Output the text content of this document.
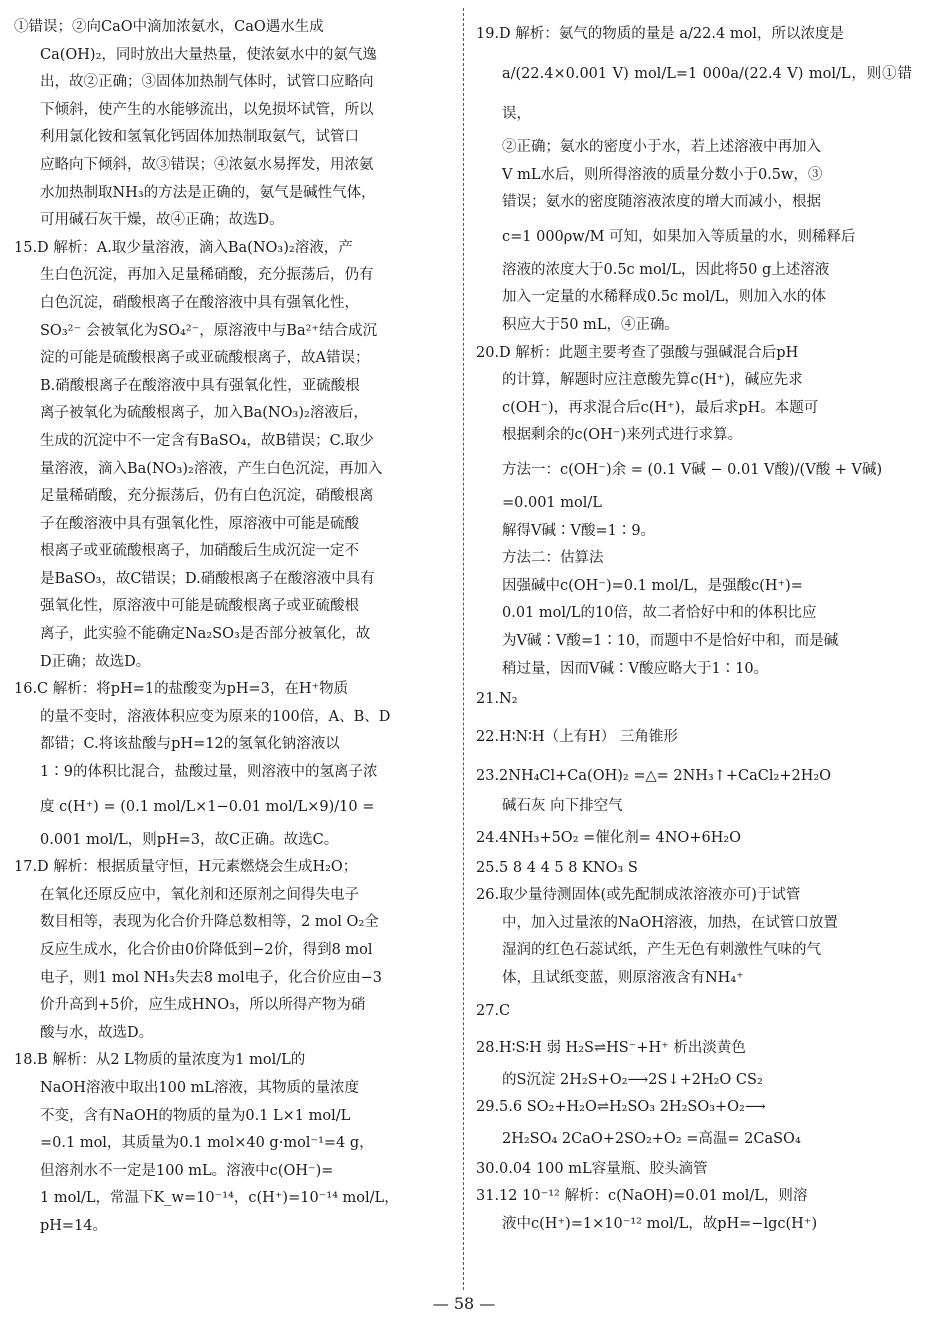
①错误；②向CaO中滴加浓氨水，CaO遇水生成

Ca(OH)₂，同时放出大量热量，使浓氨水中的氨气逸

出，故②正确；③固体加热制气体时，试管口应略向

下倾斜，使产生的水能够流出，以免损坏试管，所以

利用氯化铵和氢氧化钙固体加热制取氨气，试管口

应略向下倾斜，故③错误；④浓氨水易挥发，用浓氨

水加热制取NH₃的方法是正确的，氨气是碱性气体，

可用碱石灰干燥，故④正确；故选D。

15.D 解析：A.取少量溶液，滴入Ba(NO₃)₂溶液，产

生白色沉淀，再加入足量稀硝酸，充分振荡后，仍有

白色沉淀，硝酸根离子在酸溶液中具有强氧化性，

SO₃²⁻ 会被氧化为SO₄²⁻，原溶液中与Ba²⁺结合成沉

淀的可能是硫酸根离子或亚硫酸根离子，故A错误；

B.硝酸根离子在酸溶液中具有强氧化性，亚硫酸根

离子被氧化为硫酸根离子，加入Ba(NO₃)₂溶液后，

生成的沉淀中不一定含有BaSO₄，故B错误；C.取少

量溶液，滴入Ba(NO₃)₂溶液，产生白色沉淀，再加入

足量稀硝酸，充分振荡后，仍有白色沉淀，硝酸根离

子在酸溶液中具有强氧化性，原溶液中可能是硫酸

根离子或亚硫酸根离子，加硝酸后生成沉淀一定不

是BaSO₃，故C错误；D.硝酸根离子在酸溶液中具有

强氧化性，原溶液中可能是硫酸根离子或亚硫酸根

离子，此实验不能确定Na₂SO₃是否部分被氧化，故

D正确；故选D。

16.C 解析：将pH=1的盐酸变为pH=3，在H⁺物质

的量不变时，溶液体积应变为原来的100倍，A、B、D

都错；C.将该盐酸与pH=12的氢氧化钠溶液以

1∶9的体积比混合，盐酸过量，则溶液中的氢离子浓

度 c(H⁺) = (0.1 mol/L×1−0.01 mol/L×9)/10 =

0.001 mol/L，则pH=3，故C正确。故选C。

17.D 解析：根据质量守恒，H元素燃烧会生成H₂O；

在氧化还原反应中，氧化剂和还原剂之间得失电子

数目相等，表现为化合价升降总数相等，2 mol O₂全

反应生成水，化合价由0价降低到−2价，得到8 mol

电子，则1 mol NH₃失去8 mol电子，化合价应由−3

价升高到+5价，应生成HNO₃，所以所得产物为硝

酸与水，故选D。

18.B 解析：从2 L物质的量浓度为1 mol/L的

NaOH溶液中取出100 mL溶液，其物质的量浓度

不变，含有NaOH的物质的量为0.1 L×1 mol/L

=0.1 mol，其质量为0.1 mol×40 g·mol⁻¹=4 g，

但溶剂水不一定是100 mL。溶液中c(OH⁻)=

1 mol/L，常温下K_w=10⁻¹⁴，c(H⁺)=10⁻¹⁴ mol/L，

pH=14。

19.D 解析：氨气的物质的量是 a/22.4 mol，所以浓度是

a/(22.4×0.001 V) mol/L=1 000a/(22.4 V) mol/L，则①错误，

②正确；氨水的密度小于水，若上述溶液中再加入

V mL水后，则所得溶液的质量分数小于0.5w，③

错误；氨水的密度随溶液浓度的增大而减小，根据

c=1 000ρw/M 可知，如果加入等质量的水，则稀释后

溶液的浓度大于0.5c mol/L，因此将50 g上述溶液

加入一定量的水稀释成0.5c mol/L，则加入水的体

积应大于50 mL，④正确。

20.D 解析：此题主要考查了强酸与强碱混合后pH

的计算，解题时应注意酸先算c(H⁺)，碱应先求

c(OH⁻)，再求混合后c(H⁺)，最后求pH。本题可

根据剩余的c(OH⁻)来列式进行求算。

方法一：c(OH⁻)余 = (0.1 V碱 − 0.01 V酸)/(V酸 + V碱)

=0.001 mol/L

解得V碱∶V酸=1∶9。

方法二：估算法

因强碱中c(OH⁻)=0.1 mol/L，是强酸c(H⁺)=

0.01 mol/L的10倍，故二者恰好中和的体积比应

为V碱∶V酸=1∶10，而题中不是恰好中和，而是碱

稍过量，因而V碱∶V酸应略大于1∶10。

21.N₂

22.H∶N∶H（上有H） 三角锥形

23.2NH₄Cl+Ca(OH)₂ =△= 2NH₃↑+CaCl₂+2H₂O

碱石灰 向下排空气

24.4NH₃+5O₂ =催化剂= 4NO+6H₂O

25.5 8 4 4 5 8 KNO₃ S

26.取少量待测固体(或先配制成浓溶液亦可)于试管

中，加入过量浓的NaOH溶液，加热，在试管口放置

湿润的红色石蕊试纸，产生无色有刺激性气味的气

体，且试纸变蓝，则原溶液含有NH₄⁺

27.C

28.H∶S∶H 弱 H₂S⇌HS⁻+H⁺ 析出淡黄色

的S沉淀 2H₂S+O₂⟶2S↓+2H₂O CS₂

29.5.6 SO₂+H₂O⇌H₂SO₃ 2H₂SO₃+O₂⟶

2H₂SO₄ 2CaO+2SO₂+O₂ =高温= 2CaSO₄

30.0.04 100 mL容量瓶、胶头滴管

31.12 10⁻¹² 解析：c(NaOH)=0.01 mol/L，则溶

液中c(H⁺)=1×10⁻¹² mol/L，故pH=−lgc(H⁺)

— 58 —
